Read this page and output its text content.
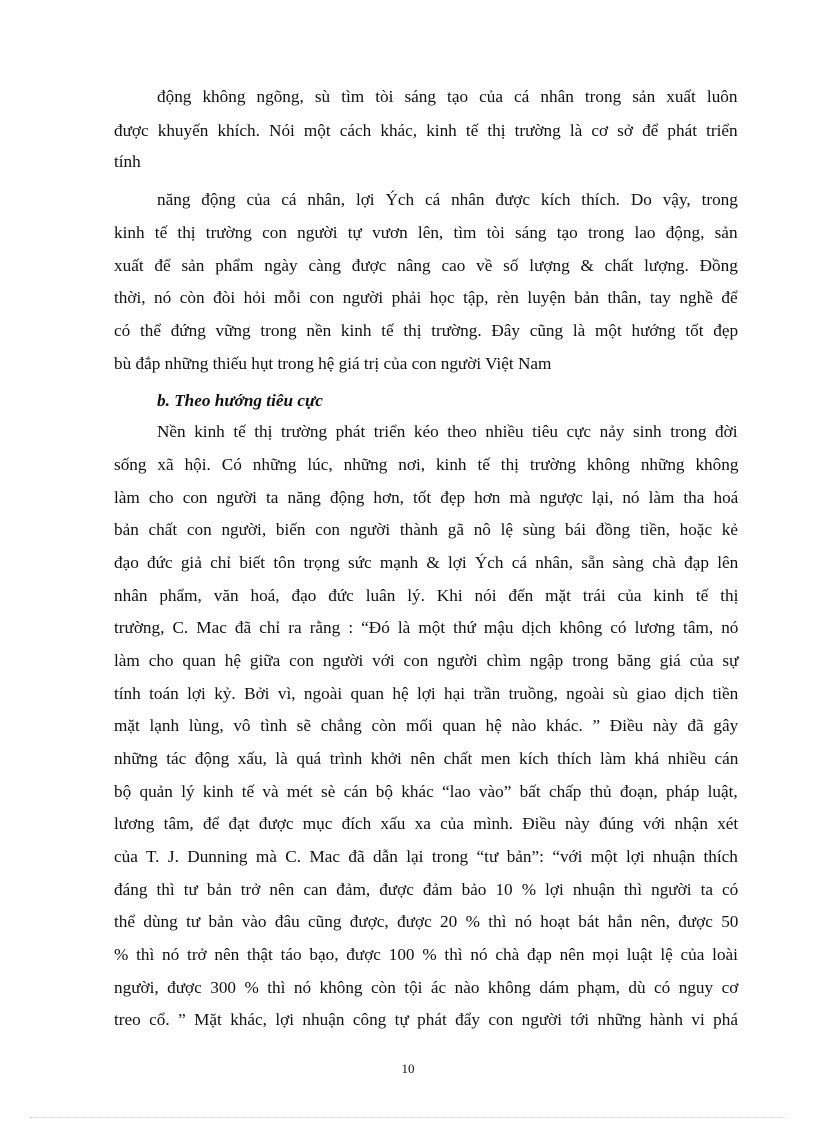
động không ngõng, sù tìm tòi sáng tạo của cá nhân trong sản xuất luôn
được khuyến khích. Nói một cách khác, kinh tế thị trường là cơ sở để phát triển
tính
năng động của cá nhân, lợi Ých cá nhân được kích thích. Do vậy, trong
kinh tế thị trường con người tự vươn lên, tìm tòi sáng tạo trong lao động, sản
xuất để sản phẩm ngày càng được nâng cao về số lượng & chất lượng. Đồng
thời, nó còn đòi hỏi mỗi con người phải học tập, rèn luyện bản thân, tay nghề để
có thể đứng vững trong nền kinh tế thị trường. Đây cũng là một hướng tốt đẹp
bù đắp những thiếu hụt trong hệ giá trị của con người Việt Nam
b. Theo hướng tiêu cực
Nền kinh tế thị trường phát triển kéo theo nhiều tiêu cực nảy sinh trong đời
sống xã hội. Có những lúc, những nơi, kinh tế thị trường không những không
làm cho con người ta năng động hơn, tốt đẹp hơn mà ngược lại, nó làm tha hoá
bản chất con người, biến con người thành gã nô lệ sùng bái đồng tiền, hoặc kẻ
đạo đức giả chỉ biết tôn trọng sức mạnh & lợi Ých cá nhân, sẵn sàng chà đạp lên
nhân phẩm, văn hoá, đạo đức luân lý. Khi nói đến mặt trái của kinh tế thị
trường, C. Mac đã chỉ ra rằng : “Đó là một thứ mậu dịch không có lương tâm, nó
làm cho quan hệ giữa con người với con người chìm ngập trong băng giá của sự
tính toán lợi kỷ. Bởi vì, ngoài quan hệ lợi hại trần truồng, ngoài sù giao dịch tiền
mặt lạnh lùng, vô tình sẽ chẳng còn mối quan hệ nào khác. ” Điều này đã gây
những tác động xấu, là quá trình khởi nên chất men kích thích làm khá nhiều cán
bộ quản lý kinh tế và mét sè cán bộ khác “lao vào” bất chấp thủ đoạn, pháp luật,
lương tâm, để đạt được mục đích xấu xa của mình. Điều này đúng với nhận xét
của T. J. Dunning mà C. Mac đã dẫn lại trong “tư bản”: “với một lợi nhuận thích
đáng thì tư bản trở nên can đảm, được đảm bảo 10 % lợi nhuận thì người ta có
thể dùng tư bản vào đâu cũng được, được 20 % thì nó hoạt bát hẳn nên, được 50
% thì nó trở nên thật táo bạo, được 100 % thì nó chà đạp nên mọi luật lệ của loài
người, được 300 % thì nó không còn tội ác nào không dám phạm, dù có nguy cơ
treo cổ. ” Mặt khác, lợi nhuận công tự phát đẩy con người tới những hành vi phá
10
